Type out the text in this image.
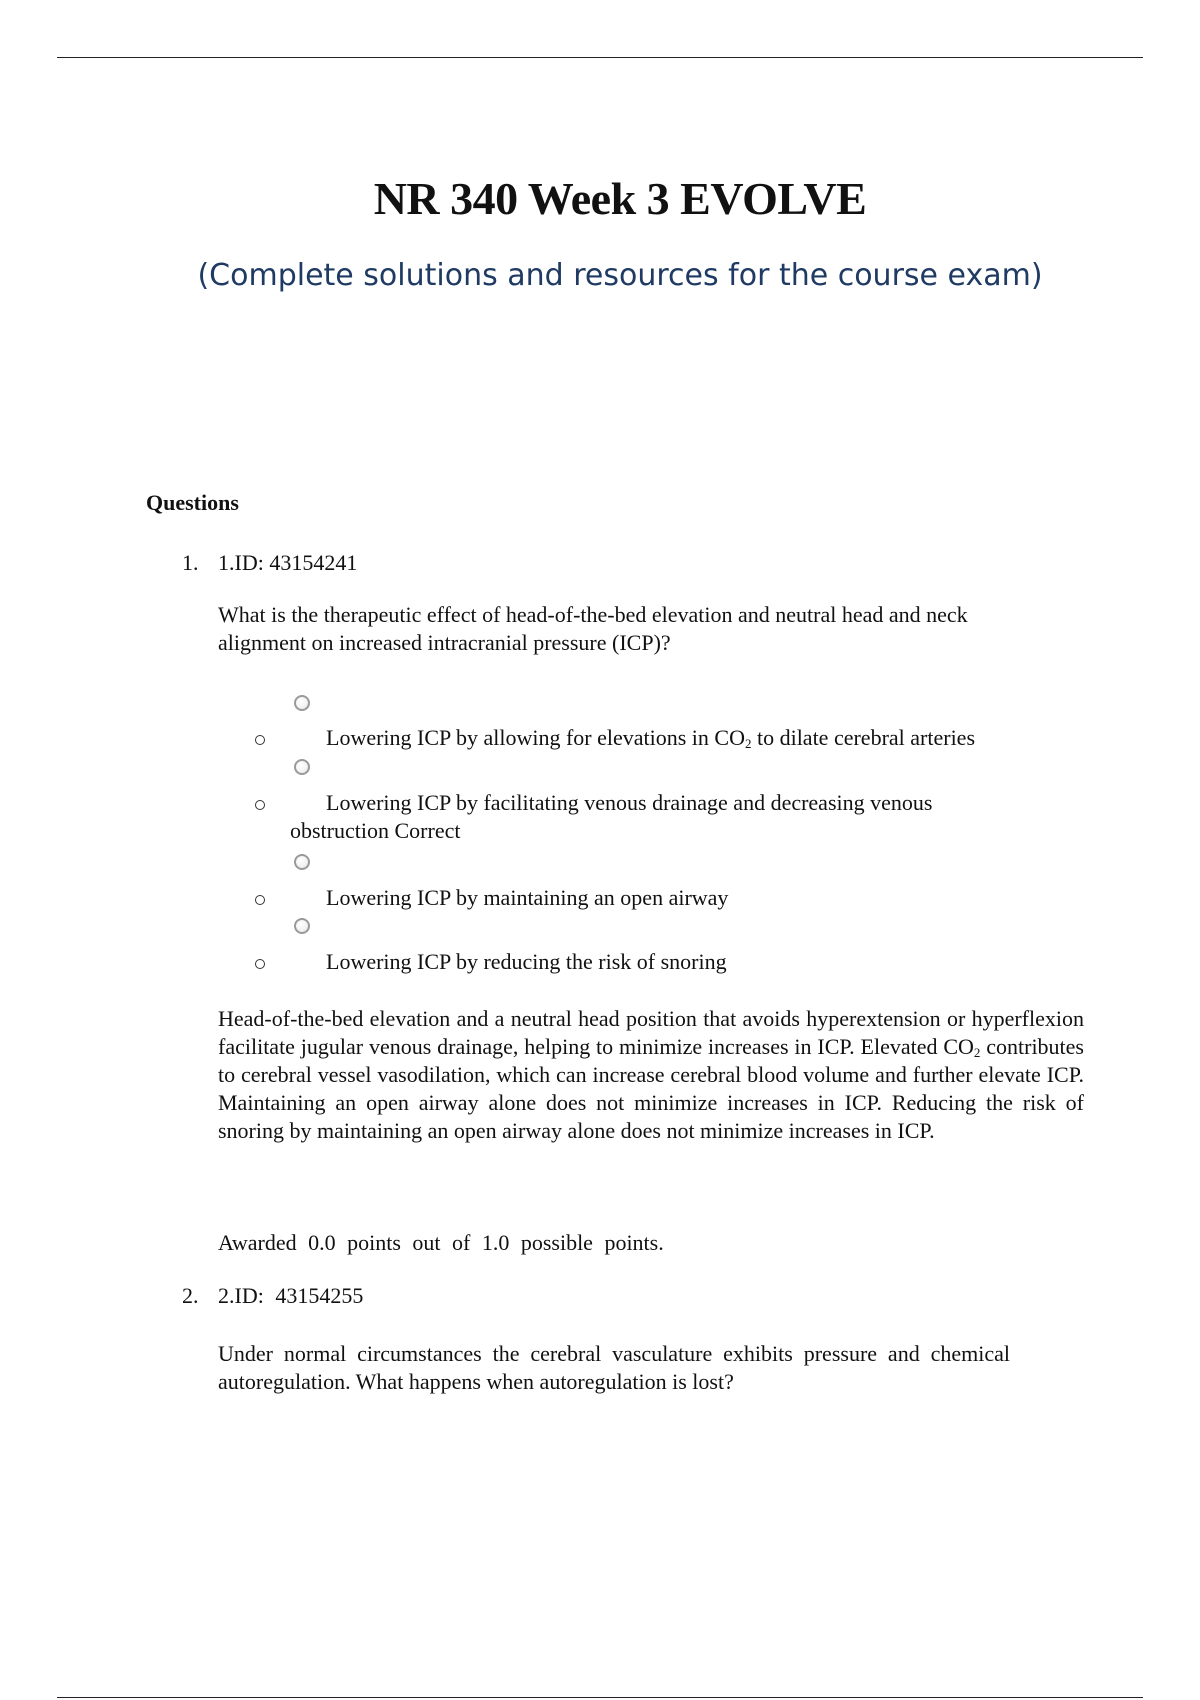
NR 340 Week 3 EVOLVE

(Complete solutions and resources for the course exam)

Questions

1. 1.ID: 43154241

What is the therapeutic effect of head-of-the-bed elevation and neutral head and neck alignment on increased intracranial pressure (ICP)?

Lowering ICP by allowing for elevations in $CO_2$ to dilate cerebral arteries

Lowering ICP by facilitating venous drainage and decreasing venous obstruction Correct

Lowering ICP by maintaining an open airway

Lowering ICP by reducing the risk of snoring

Head-of-the-bed elevation and a neutral head position that avoids hyperextension or hyperflexion facilitate jugular venous drainage, helping to minimize increases in ICP. Elevated $CO_2$ contributes to cerebral vessel vasodilation, which can increase cerebral blood volume and further elevate ICP. Maintaining an open airway alone does not minimize increases in ICP. Reducing the risk of snoring by maintaining an open airway alone does not minimize increases in ICP.

Awarded 0.0 points out of 1.0 possible points.

2. 2.ID: 43154255

Under normal circumstances the cerebral vasculature exhibits pressure and chemical autoregulation. What happens when autoregulation is lost?
